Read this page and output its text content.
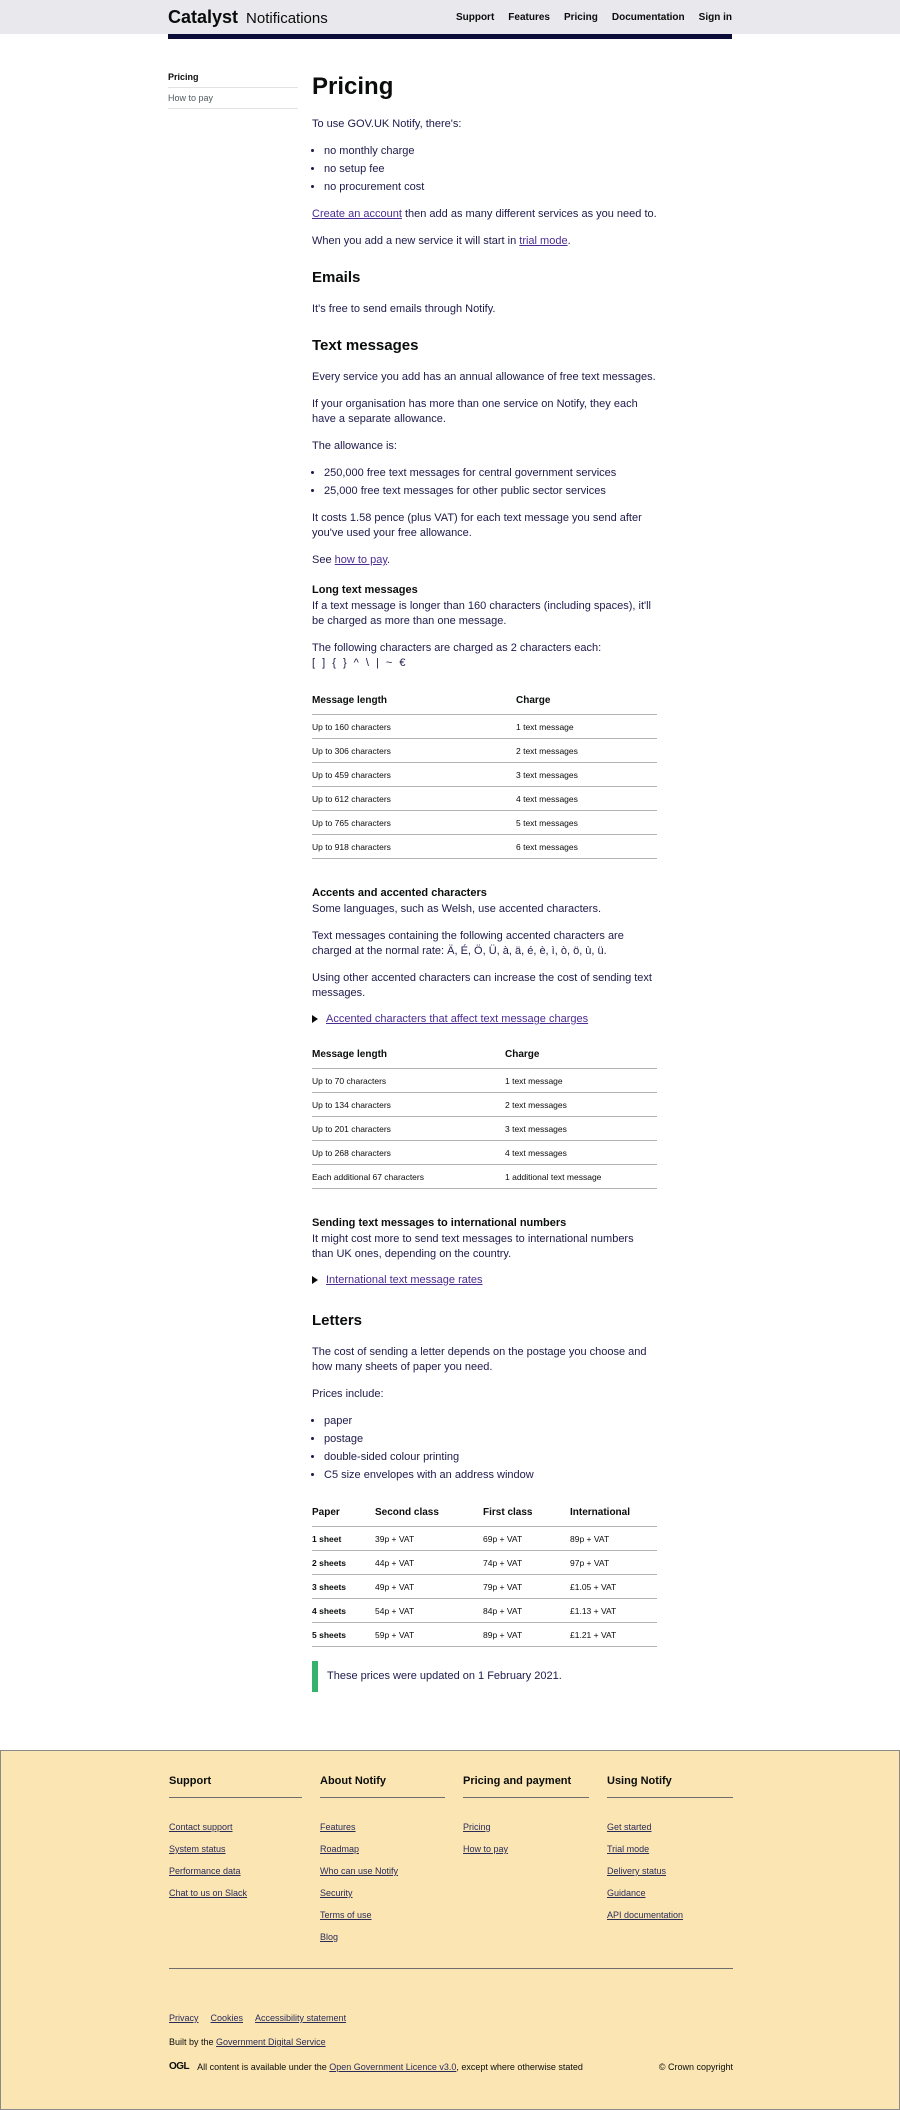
Catalyst Notifications	Support Features Pricing Documentation Sign in
Pricing
How to pay	Pricing

To use GOV.UK Notify, there's:

• no monthly charge
• no setup fee
• no procurement cost

Create an account then add as many different services as you need to.

When you add a new service it will start in trial mode.

Emails

It's free to send emails through Notify.

Text messages

Every service you add has an annual allowance of free text messages.

If your organisation has more than one service on Notify, they each have a separate allowance.

The allowance is:

• 250,000 free text messages for central government services
• 25,000 free text messages for other public sector services

It costs 1.58 pence (plus VAT) for each text message you send after you've used your free allowance.

See how to pay.

Long text messages

If a text message is longer than 160 characters (including spaces), it'll be charged as more than one message.

The following characters are charged as 2 characters each:
[ ] { } ^ \ | ~ €

Message length	Charge
Up to 160 characters	1 text message
Up to 306 characters	2 text messages
Up to 459 characters	3 text messages
Up to 612 characters	4 text messages
Up to 765 characters	5 text messages
Up to 918 characters	6 text messages
Accents and accented characters

Some languages, such as Welsh, use accented characters.

Text messages containing the following accented characters are charged at the normal rate: Ä, É, Ö, Ü, à, ä, é, è, ì, ò, ö, ù, ü.

Using other accented characters can increase the cost of sending text messages.

Accented characters that affect text message charges
Message length	Charge
Up to 70 characters	1 text message
Up to 134 characters	2 text messages
Up to 201 characters	3 text messages
Up to 268 characters	4 text messages
Each additional 67 characters	1 additional text message
Sending text messages to international numbers

It might cost more to send text messages to international numbers than UK ones, depending on the country.

International text message rates
Letters

The cost of sending a letter depends on the postage you choose and how many sheets of paper you need.

Prices include:

• paper
• postage
• double-sided colour printing
• C5 size envelopes with an address window
Paper	Second class	First class	International
1 sheet	39p + VAT	69p + VAT	89p + VAT
2 sheets	44p + VAT	74p + VAT	97p + VAT
3 sheets	49p + VAT	79p + VAT	£1.05 + VAT
4 sheets	54p + VAT	84p + VAT	£1.13 + VAT
5 sheets	59p + VAT	89p + VAT	£1.21 + VAT

These prices were updated on 1 February 2021.

Support
Contact support
System status
Performance data
Chat to us on Slack
About Notify
Features
Roadmap
Who can use Notify
Security
Terms of use
Blog
Pricing and payment
Pricing
How to pay
Using Notify
Get started
Trial mode
Delivery status
Guidance
API documentation
Privacy Cookies Accessibility statement
Built by the Government Digital Service
OGL All content is available under the Open Government Licence v3.0, except where otherwise stated	© Crown copyright
